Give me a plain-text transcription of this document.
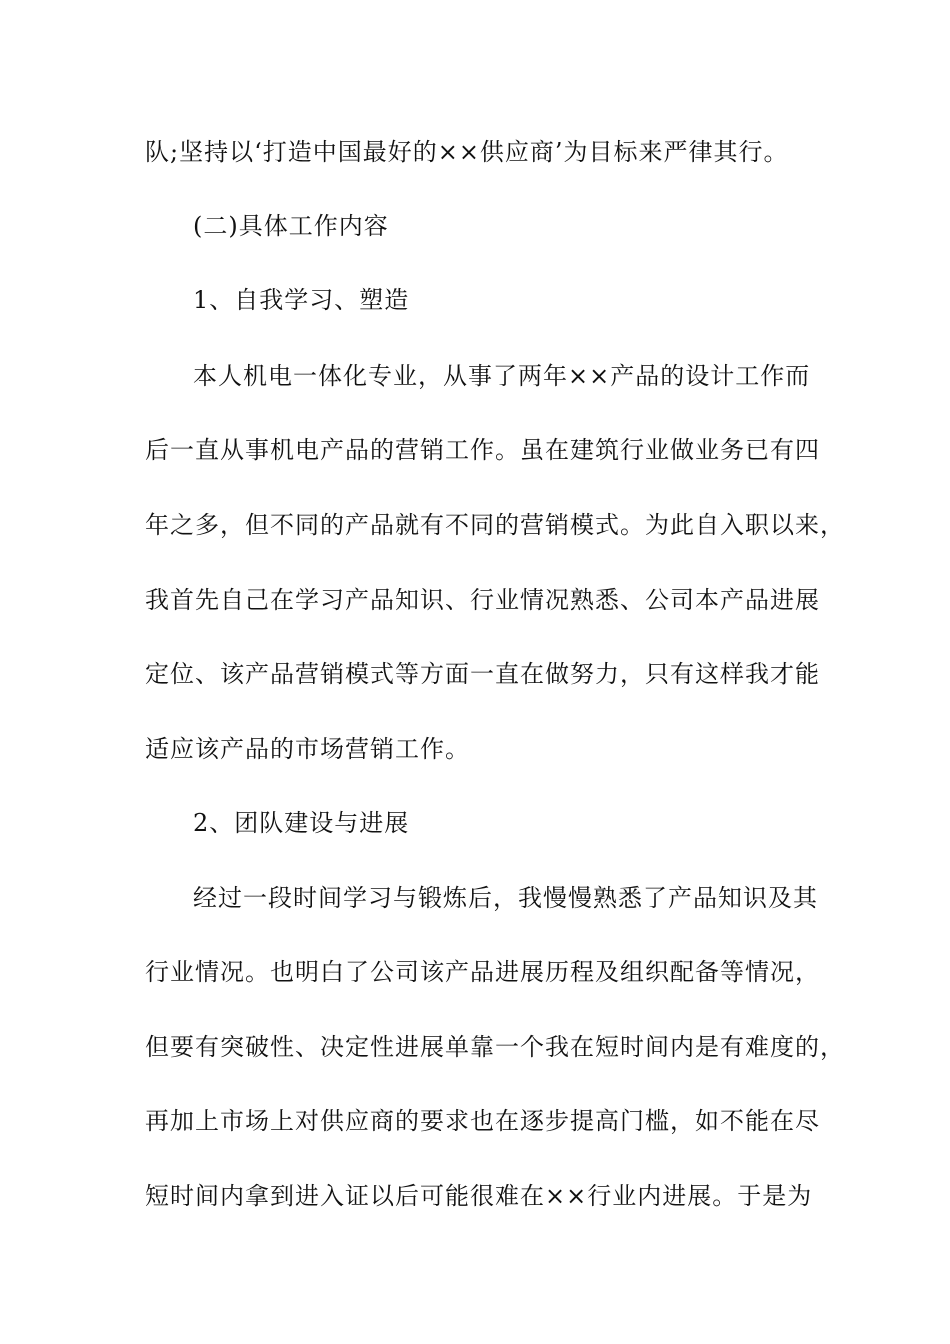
队;坚持以‘打造中国最好的××供应商’为目标来严律其行。
(二)具体工作内容
1、自我学习、塑造
本人机电一体化专业，从事了两年××产品的设计工作而
后一直从事机电产品的营销工作。虽在建筑行业做业务已有四
年之多，但不同的产品就有不同的营销模式。为此自入职以来，
我首先自己在学习产品知识、行业情况熟悉、公司本产品进展
定位、该产品营销模式等方面一直在做努力，只有这样我才能
适应该产品的市场营销工作。
2、团队建设与进展
经过一段时间学习与锻炼后，我慢慢熟悉了产品知识及其
行业情况。也明白了公司该产品进展历程及组织配备等情况，
但要有突破性、决定性进展单靠一个我在短时间内是有难度的，
再加上市场上对供应商的要求也在逐步提高门槛，如不能在尽
短时间内拿到进入证以后可能很难在××行业内进展。于是为
